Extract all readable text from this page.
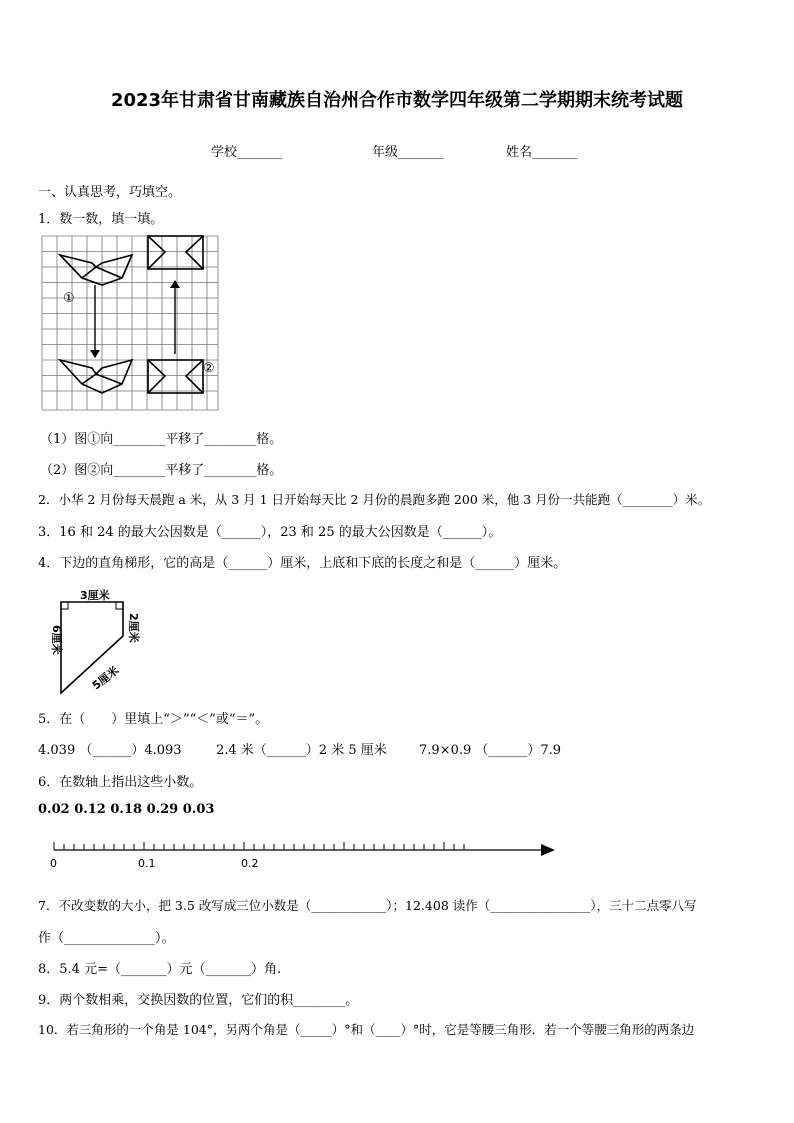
2023年甘肃省甘南藏族自治州合作市数学四年级第二学期期末统考试题
学校_______	年级_______	姓名_______
一、认真思考，巧填空。
1．数一数，填一填。
①
②
（1）图①向________平移了________格。
（2）图②向________平移了________格。
2．小华 2 月份每天晨跑 a 米，从 3 月 1 日开始每天比 2 月份的晨跑多跑 200 米，他 3 月份一共能跑（________）米。
3．16 和 24 的最大公因数是（______），23 和 25 的最大公因数是（______）。
4．下边的直角梯形，它的高是（______）厘米，上底和下底的长度之和是（______）厘米。
3厘米
6厘米	2厘米
5厘米
5．在（　　）里填上“＞”“＜”或“＝”。
4.039 （______）4.093	2.4 米（______）2 米 5 厘米 7.9×0.9 （______）7.9
6．在数轴上指出这些小数。
0.02 0.12 0.18 0.29 0.03
0	0.1	0.2
7．不改变数的大小，把 3.5 改写成三位小数是（____________）；12.408 读作（________________），三十二点零八写
作（______________）。
8．5.4 元=（_______）元（_______）角.
9．两个数相乘，交换因数的位置，它们的积________。
10．若三角形的一个角是 104°，另两个角是（_____）°和（____）°时，它是等腰三角形．若一个等腰三角形的两条边
